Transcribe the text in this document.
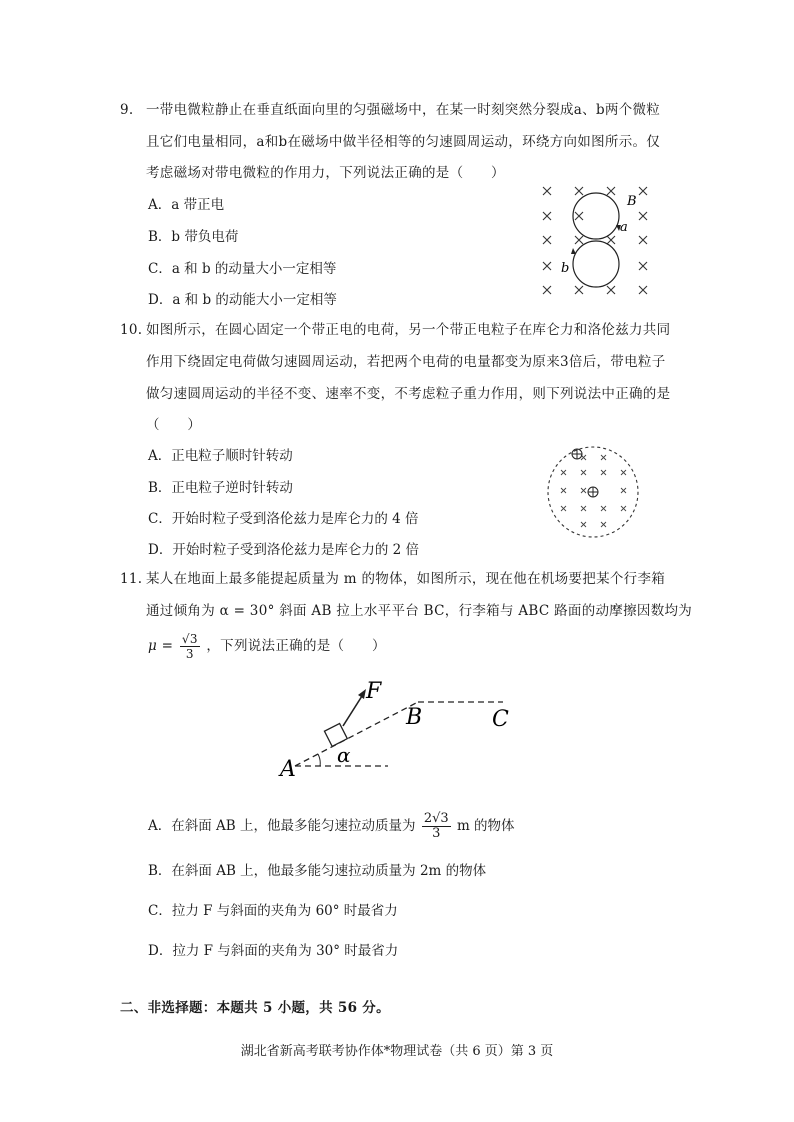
9. 一带电微粒静止在垂直纸面向里的匀强磁场中，在某一时刻突然分裂成a、b两个微粒
且它们电量相同，a和b在磁场中做半径相等的匀速圆周运动，环绕方向如图所示。仅
考虑磁场对带电微粒的作用力，下列说法正确的是（　　）
A．a 带正电
B．b 带负电荷
C．a 和 b 的动量大小一定相等
D．a 和 b 的动能大小一定相等
B
a
b
10. 如图所示，在圆心固定一个带正电的电荷，另一个带正电粒子在库仑力和洛伦兹力共同
作用下绕固定电荷做匀速圆周运动，若把两个电荷的电量都变为原来3倍后，带电粒子
做匀速圆周运动的半径不变、速率不变，不考虑粒子重力作用，则下列说法中正确的是
（　　）
A．正电粒子顺时针转动
B．正电粒子逆时针转动
C．开始时粒子受到洛伦兹力是库仑力的 4 倍
D．开始时粒子受到洛伦兹力是库仑力的 2 倍
11. 某人在地面上最多能提起质量为 m 的物体，如图所示，现在他在机场要把某个行李箱
通过倾角为 α = 30° 斜面 AB 拉上水平平台 BC，行李箱与 ABC 路面的动摩擦因数均为
$\mu = \frac{√3}{3}$ ，下列说法正确的是（　　）
F
A
B	C
α
A．在斜面 AB 上，他最多能匀速拉动质量为 $\frac{2√3}{3}$ m 的物体
B．在斜面 AB 上，他最多能匀速拉动质量为 2m 的物体
C．拉力 F 与斜面的夹角为 60° 时最省力
D．拉力 F 与斜面的夹角为 30° 时最省力
二、非选择题：本题共 5 小题，共 56 分。
湖北省新高考联考协作体*物理试卷（共 6 页）第 3 页
